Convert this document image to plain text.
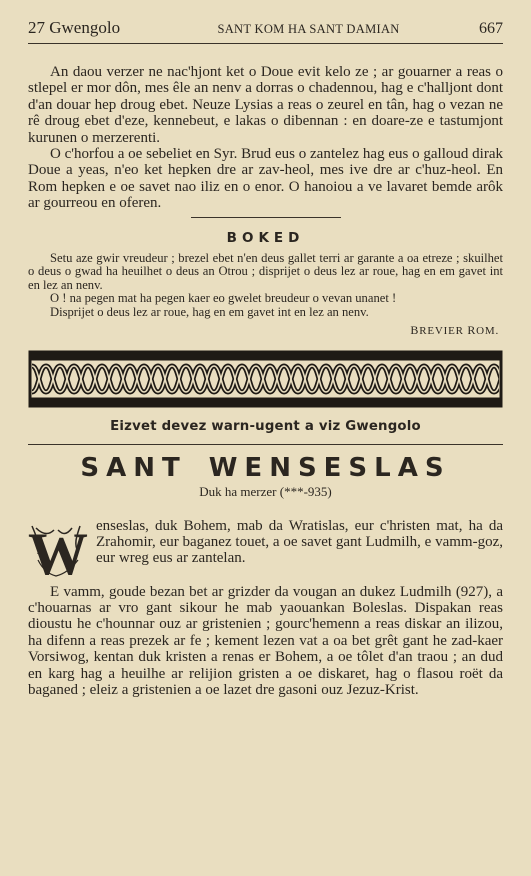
27 Gwengolo	SANT KOM HA SANT DAMIAN	667

An daou verzer ne nac'hjont ket o Doue evit kelo ze ; ar gouarner a reas o stlepel er mor dôn, mes êle an nenv a dorras o chadennou, hag e c'halljont dont d'an douar hep droug ebet. Neuze Lysias a reas o zeurel en tân, hag o vezan ne rê droug ebet d'eze, kennebeut, e lakas o dibennan : en doare-ze e tastumjont kurunen o merzerenti.

O c'horfou a oe sebeliet en Syr. Brud eus o zantelez hag eus o galloud dirak Doue a yeas, n'eo ket hepken dre ar zav-heol, mes ive dre ar c'huz-heol. En Rom hepken e oe savet nao iliz en o enor. O hanoiou a ve lavaret bemde arôk ar gourreou en oferen.

BOKED

Setu aze gwir vreudeur ; brezel ebet n'en deus gallet terri ar garante a oa etreze ; skuilhet o deus o gwad ha heuilhet o deus an Otrou ; disprijet o deus lez ar roue, hag en em gavet int en lez an nenv.

O ! na pegen mat ha pegen kaer eo gwelet breudeur o vevan unanet !

Disprijet o deus lez ar roue, hag en em gavet int en lez an nenv.

BREVIER ROM.
Eizvet devez warn-ugent a viz Gwengolo
SANT WENSESLAS
Duk ha merzer (***-935)
W enseslas, duk Bohem, mab da Wratislas, eur c'hristen mat, ha da Zrahomir, eur baganez touet, a oe savet gant Ludmilh, e vamm-goz, eur wreg eus ar zantelan.

E vamm, goude bezan bet ar grizder da vougan an dukez Ludmilh (927), a c'houarnas ar vro gant sikour he mab yaouankan Boleslas. Dispakan reas dioustu he c'hounnar ouz ar gristenien ; gourc'hemenn a reas diskar an ilizou, ha difenn a reas prezek ar fe ; kement lezen vat a oa bet grêt gant he zad-kaer Vorsiwog, kentan duk kristen a renas er Bohem, a oe tôlet d'an traou ; an dud en karg hag a heuilhe ar relijion gristen a oe diskaret, hag o flasou roët da baganed ; eleiz a gristenien a oe lazet dre gasoni ouz Jezuz-Krist.
